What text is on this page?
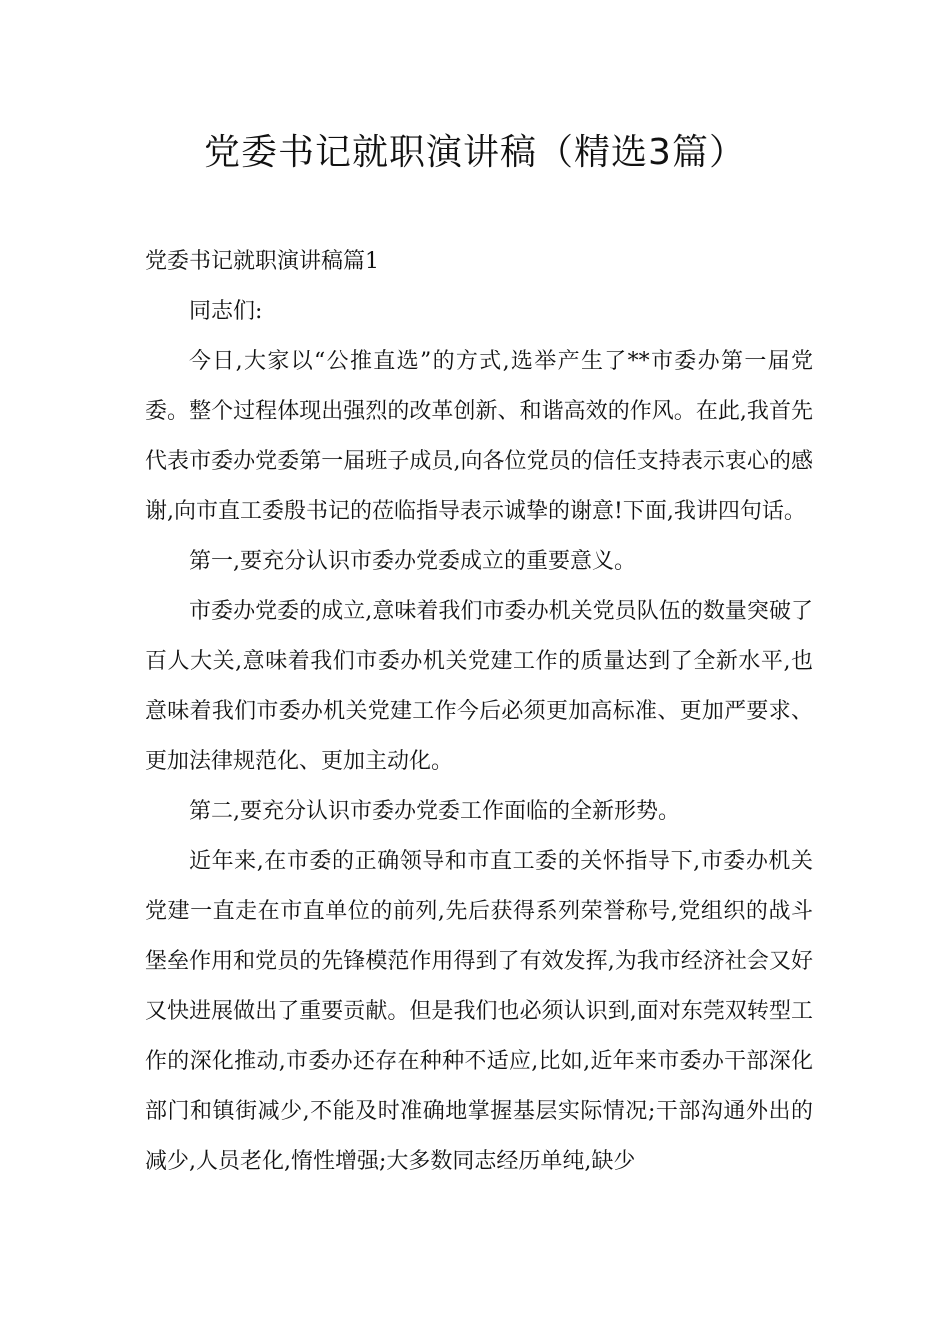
党委书记就职演讲稿（精选3篇）

党委书记就职演讲稿篇1

同志们:

今日,大家以“公推直选”的方式,选举产生了**市委办第一届党委。整个过程体现出强烈的改革创新、和谐高效的作风。在此,我首先代表市委办党委第一届班子成员,向各位党员的信任支持表示衷心的感谢,向市直工委殷书记的莅临指导表示诚挚的谢意!下面,我讲四句话。

第一,要充分认识市委办党委成立的重要意义。

市委办党委的成立,意味着我们市委办机关党员队伍的数量突破了百人大关,意味着我们市委办机关党建工作的质量达到了全新水平,也意味着我们市委办机关党建工作今后必须更加高标准、更加严要求、更加法律规范化、更加主动化。

第二,要充分认识市委办党委工作面临的全新形势。

近年来,在市委的正确领导和市直工委的关怀指导下,市委办机关党建一直走在市直单位的前列,先后获得系列荣誉称号,党组织的战斗堡垒作用和党员的先锋模范作用得到了有效发挥,为我市经济社会又好又快进展做出了重要贡献。但是我们也必须认识到,面对东莞双转型工作的深化推动,市委办还存在种种不适应,比如,近年来市委办干部深化部门和镇街减少,不能及时准确地掌握基层实际情况;干部沟通外出的减少,人员老化,惰性增强;大多数同志经历单纯,缺少
